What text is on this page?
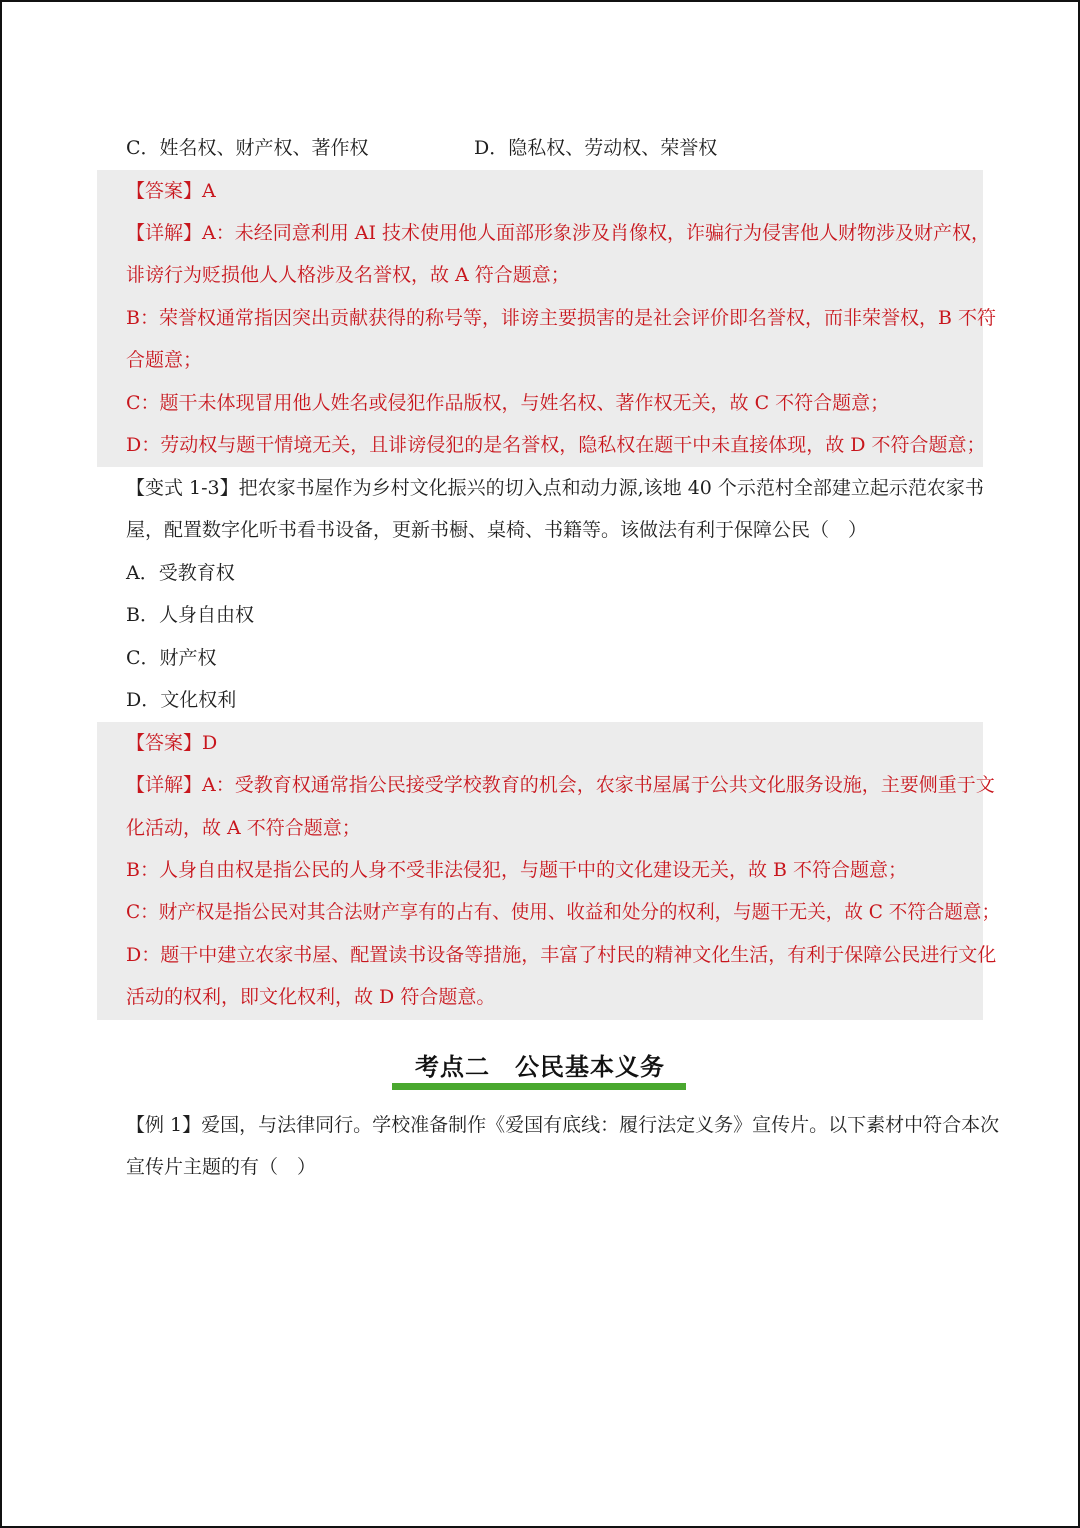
C．姓名权、财产权、著作权	D．隐私权、劳动权、荣誉权
【答案】A
【详解】A：未经同意利用 AI 技术使用他人面部形象涉及肖像权，诈骗行为侵害他人财物涉及财产权，
诽谤行为贬损他人人格涉及名誉权，故 A 符合题意；
B：荣誉权通常指因突出贡献获得的称号等，诽谤主要损害的是社会评价即名誉权，而非荣誉权，B 不符
合题意；
C：题干未体现冒用他人姓名或侵犯作品版权，与姓名权、著作权无关，故 C 不符合题意；
D：劳动权与题干情境无关，且诽谤侵犯的是名誉权，隐私权在题干中未直接体现，故 D 不符合题意；
【变式 1-3】把农家书屋作为乡村文化振兴的切入点和动力源,该地 40 个示范村全部建立起示范农家书
屋，配置数字化听书看书设备，更新书橱、桌椅、书籍等。该做法有利于保障公民（　）
A．受教育权
B．人身自由权
C．财产权
D．文化权利
【答案】D
【详解】A：受教育权通常指公民接受学校教育的机会，农家书屋属于公共文化服务设施，主要侧重于文
化活动，故 A 不符合题意；
B：人身自由权是指公民的人身不受非法侵犯，与题干中的文化建设无关，故 B 不符合题意；
C：财产权是指公民对其合法财产享有的占有、使用、收益和处分的权利，与题干无关，故 C 不符合题意；
D：题干中建立农家书屋、配置读书设备等措施，丰富了村民的精神文化生活，有利于保障公民进行文化
活动的权利，即文化权利，故 D 符合题意。
考点二　公民基本义务
【例 1】爱国，与法律同行。学校准备制作《爱国有底线：履行法定义务》宣传片。以下素材中符合本次
宣传片主题的有（　）
